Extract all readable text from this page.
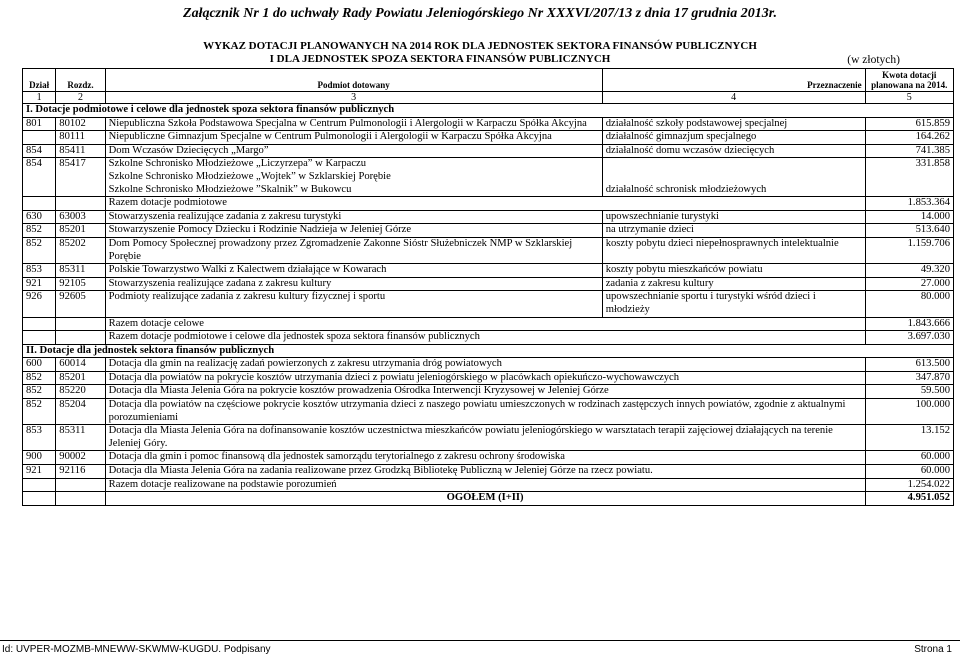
Załącznik Nr 1 do uchwały Rady Powiatu Jeleniogórskiego Nr XXXVI/207/13 z dnia 17 grudnia 2013r.
WYKAZ DOTACJI PLANOWANYCH NA 2014 ROK DLA JEDNOSTEK SEKTORA FINANSÓW PUBLICZNYCH
I DLA JEDNOSTEK SPOZA SEKTORA FINANSÓW PUBLICZNYCH	(w złotych)
Dział	Rozdz.	Podmiot dotowany	Przeznaczenie	Kwota dotacji planowana na 2014.
1	2	3	4	5
I. Dotacje podmiotowe i celowe dla jednostek spoza sektora finansów publicznych				
801	80102	Niepubliczna Szkoła Podstawowa Specjalna w Centrum Pulmonologii i Alergologii w Karpaczu Spółka Akcyjna	działalność szkoły podstawowej specjalnej	615.859
	80111	Niepubliczne Gimnazjum Specjalne w Centrum Pulmonologii i Alergologii w Karpaczu Spółka Akcyjna	działalność gimnazjum specjalnego	164.262
854	85411	Dom Wczasów Dziecięcych „Margo”	działalność domu wczasów dziecięcych	741.385
854	85417	Szkolne Schronisko Młodzieżowe „Liczyrzepa” w Karpaczu
Szkolne Schronisko Młodzieżowe „Wojtek” w Szklarskiej Porębie
Szkolne Schronisko Młodzieżowe ”Skalnik” w Bukowcu	działalność schronisk młodzieżowych	331.858
		Razem dotacje podmiotowe		1.853.364
630	63003	Stowarzyszenia realizujące zadania z zakresu turystyki	upowszechnianie turystyki	14.000
852	85201	Stowarzyszenie Pomocy Dziecku i Rodzinie Nadzieja w Jeleniej Górze	na utrzymanie dzieci	513.640
852	85202	Dom Pomocy Społecznej prowadzony przez Zgromadzenie Zakonne Sióstr Służebniczek NMP w Szklarskiej Porębie	koszty pobytu dzieci niepełnosprawnych intelektualnie	1.159.706
853	85311	Polskie Towarzystwo Walki z Kalectwem działające w Kowarach	koszty pobytu mieszkańców powiatu	49.320
921	92105	Stowarzyszenia realizujące zadana z zakresu kultury	zadania z zakresu kultury	27.000
926	92605	Podmioty realizujące zadania z zakresu kultury fizycznej i sportu	upowszechnianie sportu i turystyki wśród dzieci i młodzieży	80.000
		Razem dotacje celowe		1.843.666
		Razem dotacje podmiotowe i celowe dla jednostek spoza sektora finansów publicznych		3.697.030
II. Dotacje dla jednostek sektora finansów publicznych				
600	60014	Dotacja dla gmin na realizację zadań powierzonych z zakresu utrzymania dróg powiatowych		613.500
852	85201	Dotacja dla powiatów na pokrycie kosztów utrzymania dzieci z powiatu jeleniogórskiego w placówkach opiekuńczo-wychowawczych		347.870
852	85220	Dotacja dla Miasta Jelenia Góra na pokrycie kosztów prowadzenia Ośrodka Interwencji Kryzysowej w Jeleniej Górze		59.500
852	85204	Dotacja dla powiatów na częściowe pokrycie kosztów utrzymania dzieci z naszego powiatu umieszczonych w rodzinach zastępczych innych powiatów, zgodnie z aktualnymi porozumieniami		100.000
853	85311	Dotacja dla Miasta Jelenia Góra na dofinansowanie kosztów uczestnictwa mieszkańców powiatu jeleniogórskiego w warsztatach terapii zajęciowej działających na terenie Jeleniej Góry.		13.152
900	90002	Dotacja dla gmin i pomoc finansową dla jednostek samorządu terytorialnego z zakresu ochrony środowiska		60.000
921	92116	Dotacja dla Miasta Jelenia Góra na zadania realizowane przez Grodzką Bibliotekę Publiczną w Jeleniej Górze na rzecz powiatu.		60.000
		Razem dotacje realizowane na podstawie porozumień		1.254.022
		OGÓŁEM (I+II)		4.951.052
Id: UVPER-MOZMB-MNEWW-SKWMW-KUGDU. Podpisany	Strona 1
